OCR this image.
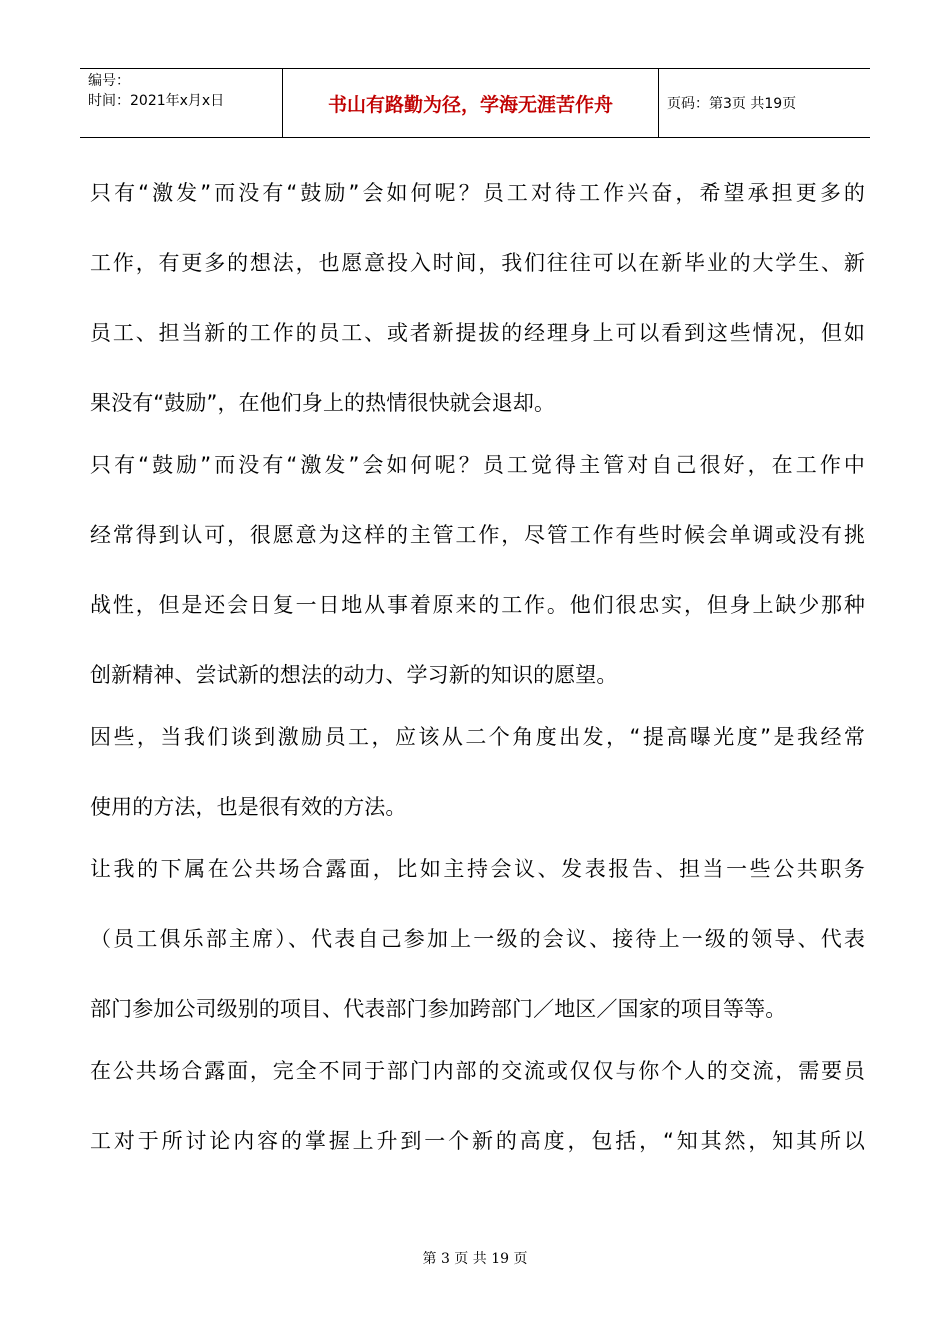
编号：
时间：2021年x月x日	书山有路勤为径，学海无涯苦作舟	页码：第3页 共19页
只有“激发”而没有“鼓励”会如何呢？员工对待工作兴奋，希望承担更多的
工作，有更多的想法，也愿意投入时间，我们往往可以在新毕业的大学生、新
员工、担当新的工作的员工、或者新提拔的经理身上可以看到这些情况，但如
果没有“鼓励”，在他们身上的热情很快就会退却。
只有“鼓励”而没有“激发”会如何呢？员工觉得主管对自己很好，在工作中
经常得到认可，很愿意为这样的主管工作，尽管工作有些时候会单调或没有挑
战性，但是还会日复一日地从事着原来的工作。他们很忠实，但身上缺少那种
创新精神、尝试新的想法的动力、学习新的知识的愿望。
因些，当我们谈到激励员工，应该从二个角度出发，“提高曝光度”是我经常
使用的方法，也是很有效的方法。
让我的下属在公共场合露面，比如主持会议、发表报告、担当一些公共职务
（员工俱乐部主席）、代表自己参加上一级的会议、接待上一级的领导、代表
部门参加公司级别的项目、代表部门参加跨部门／地区／国家的项目等等。
在公共场合露面，完全不同于部门内部的交流或仅仅与你个人的交流，需要员
工对于所讨论内容的掌握上升到一个新的高度，包括，“知其然，知其所以
第 3 页 共 19 页
